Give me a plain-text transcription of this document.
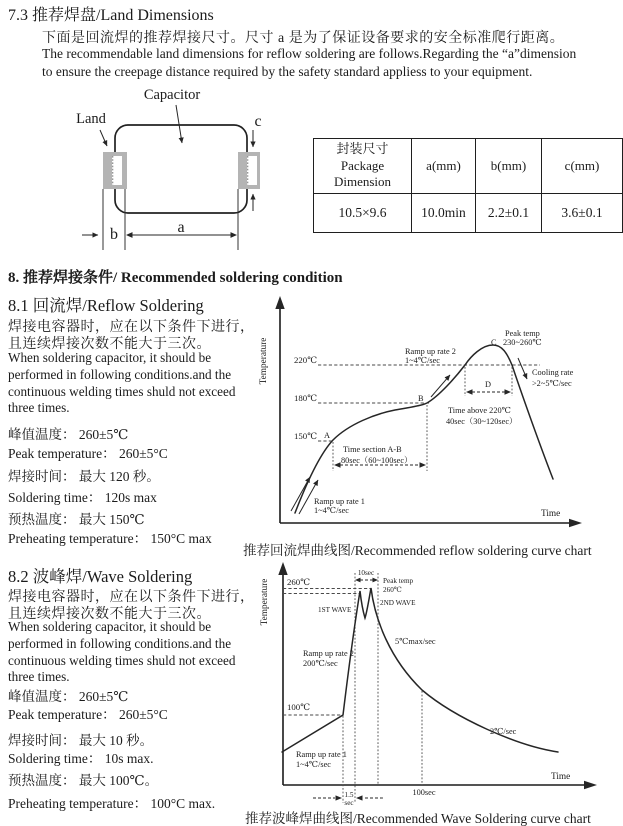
7.3 推荐焊盘/Land Dimensions
下面是回流焊的推荐焊接尺寸。尺寸 a 是为了保证设备要求的安全标准爬行距离。
The recommendable land dimensions for reflow soldering are follows.Regarding the “a”dimension
to ensure the creepage distance required by the safety standard appliess to your equipment.
Capacitor
Land	c
b	a
封装尺寸
Package
Dimension	a(mm)	b(mm)	c(mm)
10.5×9.6	10.0min	2.2±0.1	3.6±0.1
8. 推荐焊接条件/ Recommended soldering condition
8.1 回流焊/Reflow Soldering
焊接电容器时，应在以下条件下进行，
且连续焊接次数不能大于三次。
When soldering capacitor, it should be performed in following conditions.and the continuous welding times shuld not exceed three times.
峰值温度： 260±5℃
Peak temperature： 260±5°C
焊接时间： 最大 120 秒。
Soldering time： 120s max
预热温度： 最大 150℃
Preheating temperature： 150°C max
Temperature
Time
220℃
180℃
150℃ A
B
C 230~260℃
Peak temp
Ramp up rate 2
1~4℃/sec
Cooling rate
>2~5℃/sec
D
Time above 220℃
40sec（30~120sec）
Time section A-B
80sec（60~100sec）
Ramp up rate 1
1~4℃/sec
推荐回流焊曲线图/Recommended reflow soldering curve chart
8.2 波峰焊/Wave Soldering
焊接电容器时，应在以下条件下进行，
且连续焊接次数不能大于三次。
When soldering capacitor, it should be performed in following conditions.and the continuous welding times shuld not exceed three times.
峰值温度： 260±5℃
Peak temperature： 260±5°C
焊接时间： 最大 10 秒。
Soldering time： 10s max.
预热温度： 最大 100℃。
Preheating temperature： 100°C max.
Temperature
Time
260℃
100℃
10sec
Peak temp
260℃
1ST WAVE
2ND WAVE
5℃max/sec
Ramp up rate 2
200℃/sec
Ramp up rate 1
1~4℃/sec
2℃/sec
1.5
sec
100sec
推荐波峰焊曲线图/Recommended Wave Soldering curve chart
